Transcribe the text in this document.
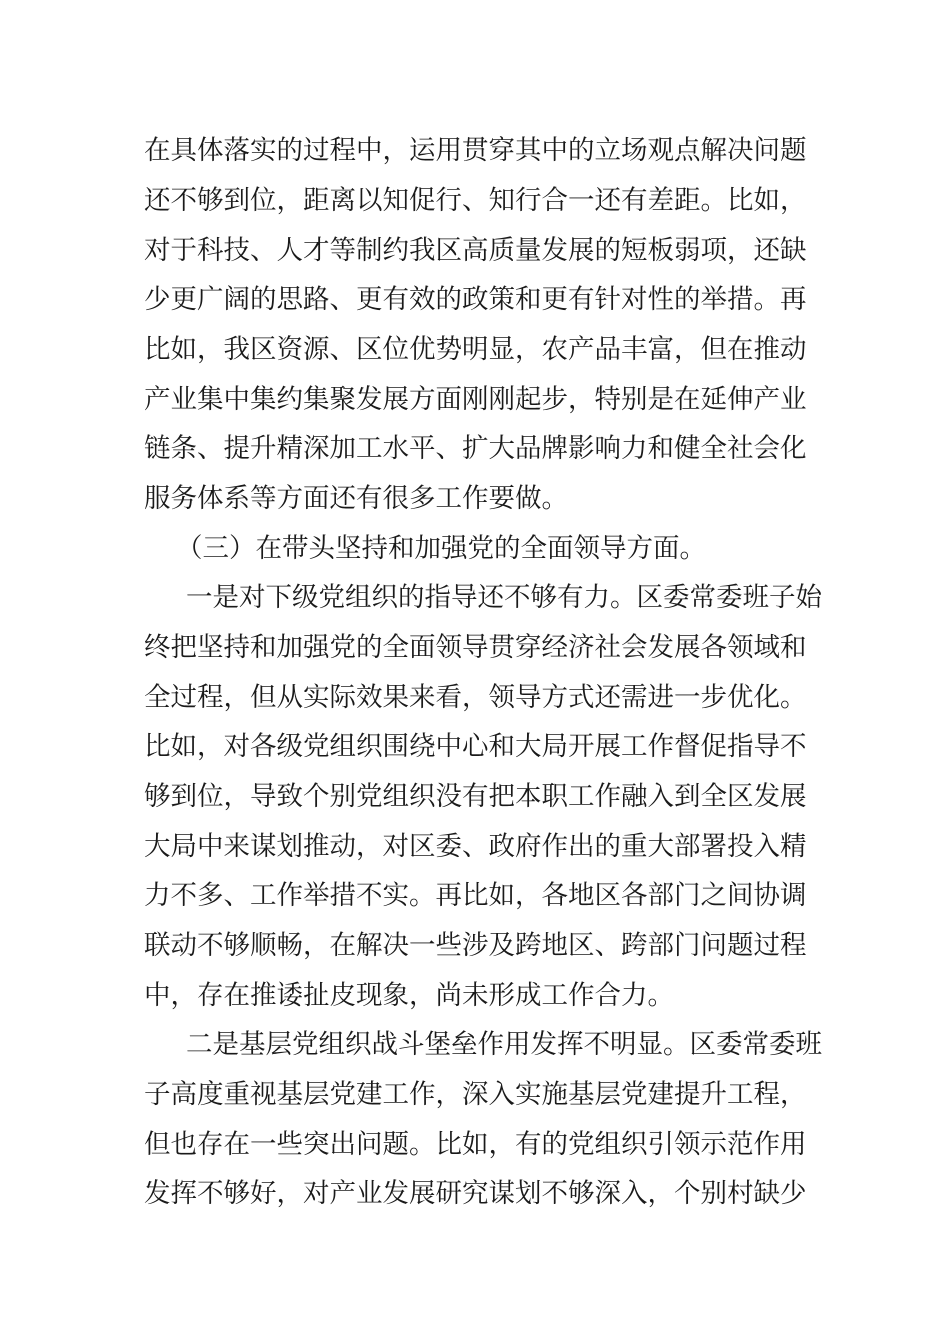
在具体落实的过程中，运用贯穿其中的立场观点解决问题
还不够到位，距离以知促行、知行合一还有差距。比如，
对于科技、人才等制约我区高质量发展的短板弱项，还缺
少更广阔的思路、更有效的政策和更有针对性的举措。再
比如，我区资源、区位优势明显，农产品丰富，但在推动
产业集中集约集聚发展方面刚刚起步，特别是在延伸产业
链条、提升精深加工水平、扩大品牌影响力和健全社会化
服务体系等方面还有很多工作要做。
（三）在带头坚持和加强党的全面领导方面。
一是对下级党组织的指导还不够有力。区委常委班子始
终把坚持和加强党的全面领导贯穿经济社会发展各领域和
全过程，但从实际效果来看，领导方式还需进一步优化。
比如，对各级党组织围绕中心和大局开展工作督促指导不
够到位，导致个别党组织没有把本职工作融入到全区发展
大局中来谋划推动，对区委、政府作出的重大部署投入精
力不多、工作举措不实。再比如，各地区各部门之间协调
联动不够顺畅，在解决一些涉及跨地区、跨部门问题过程
中，存在推诿扯皮现象，尚未形成工作合力。
二是基层党组织战斗堡垒作用发挥不明显。区委常委班
子高度重视基层党建工作，深入实施基层党建提升工程，
但也存在一些突出问题。比如，有的党组织引领示范作用
发挥不够好，对产业发展研究谋划不够深入，个别村缺少
